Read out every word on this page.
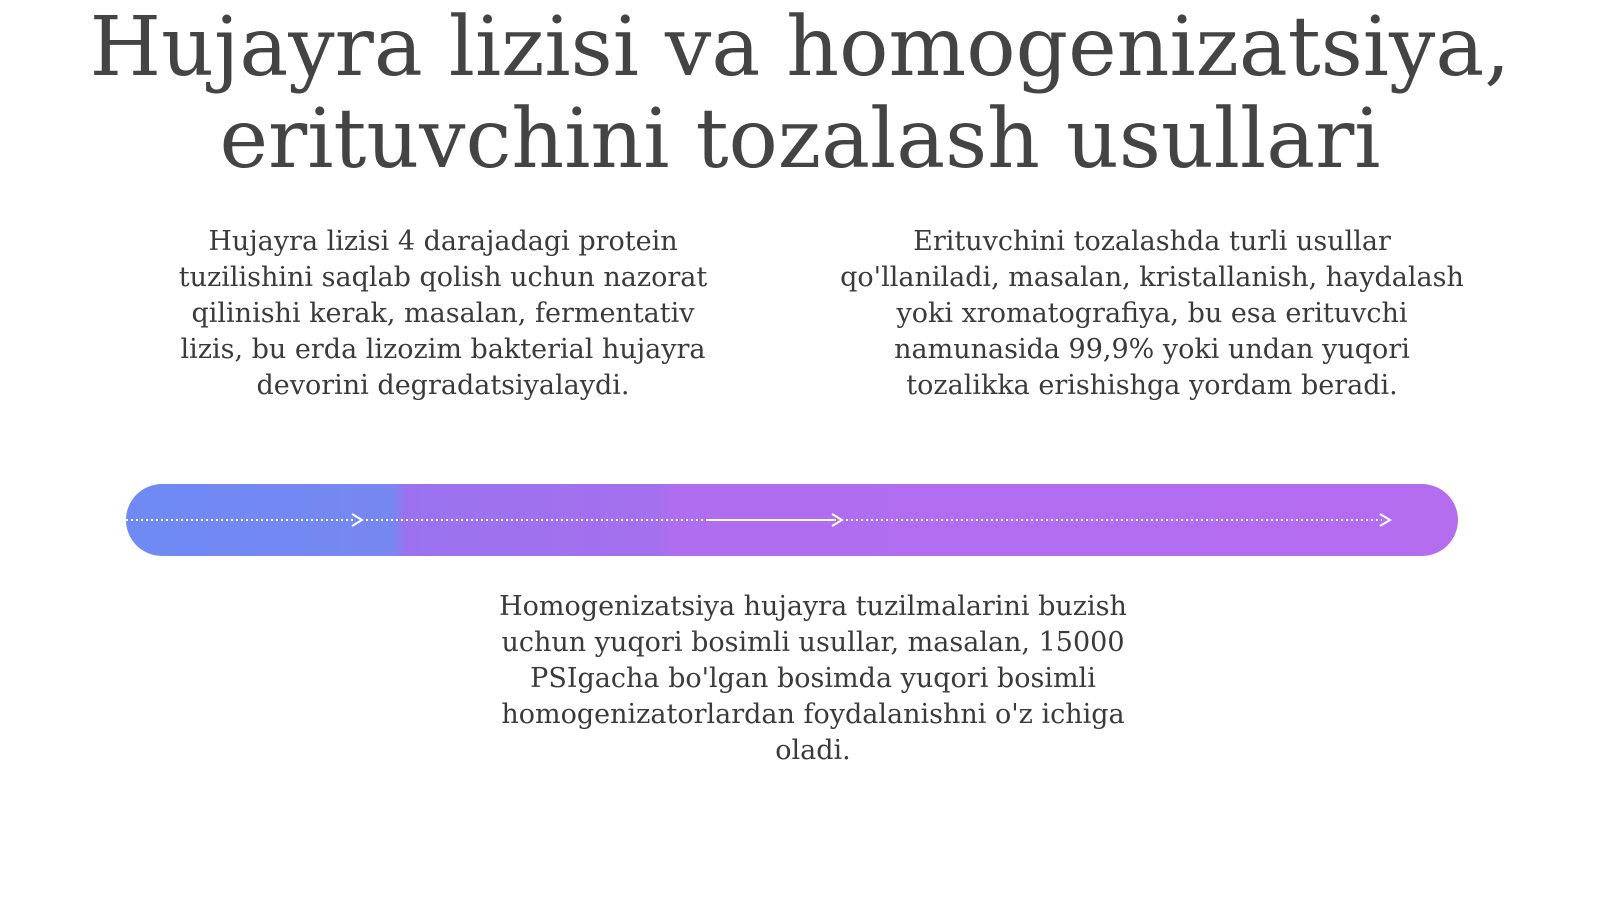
Hujayra lizisi va homogenizatsiya,
erituvchini tozalash usullari

Hujayra lizisi 4 darajadagi protein tuzilishini saqlab qolish uchun nazorat qilinishi kerak, masalan, fermentativ lizis, bu erda lizozim bakterial hujayra devorini degradatsiyalaydi.

Erituvchini tozalashda turli usullar qo'llaniladi, masalan, kristallanish, haydalash yoki xromatografiya, bu esa erituvchi namunasida 99,9% yoki undan yuqori tozalikka erishishga yordam beradi.

Homogenizatsiya hujayra tuzilmalarini buzish uchun yuqori bosimli usullar, masalan, 15000 PSIgacha bo'lgan bosimda yuqori bosimli homogenizatorlardan foydalanishni o'z ichiga oladi.
